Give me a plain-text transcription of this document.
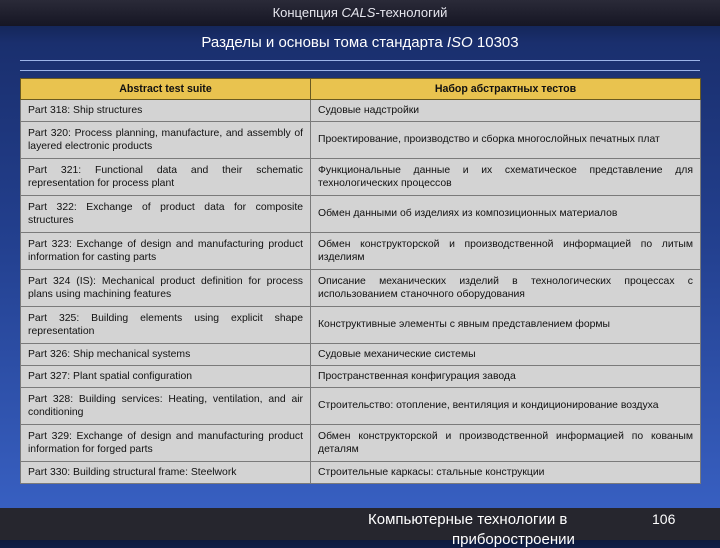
Концепция CALS-технологий
Разделы и основы тома стандарта ISO 10303
Abstract test suite	Набор абстрактных тестов
Part 318: Ship structures	Судовые надстройки
Part 320: Process planning, manufacture, and assembly of layered electronic products	Проектирование, производство и сборка многослойных печатных плат
Part 321: Functional data and their schematic representation for process plant	Функциональные данные и их схематическое представление для технологических процессов
Part 322: Exchange of product data for composite structures	Обмен данными об изделиях из композиционных материалов
Part 323: Exchange of design and manufacturing product information for casting parts	Обмен конструкторской и производственной информацией по литым изделиям
Part 324 (IS): Mechanical product definition for process plans using machining features	Описание механических изделий в технологических процессах с использованием станочного оборудования
Part 325: Building elements using explicit shape representation	Конструктивные элементы с явным представлением формы
Part 326: Ship mechanical systems	Судовые механические системы
Part 327: Plant spatial configuration	Пространственная конфигурация завода
Part 328: Building services: Heating, ventilation, and air conditioning	Строительство: отопление, вентиляция и кондиционирование воздуха
Part 329: Exchange of design and manufacturing product information for forged parts	Обмен конструкторской и производственной информацией по кованым деталям
Part 330: Building structural frame: Steelwork	Строительные каркасы: стальные конструкции
Компьютерные технологии в
приборостроении
106
